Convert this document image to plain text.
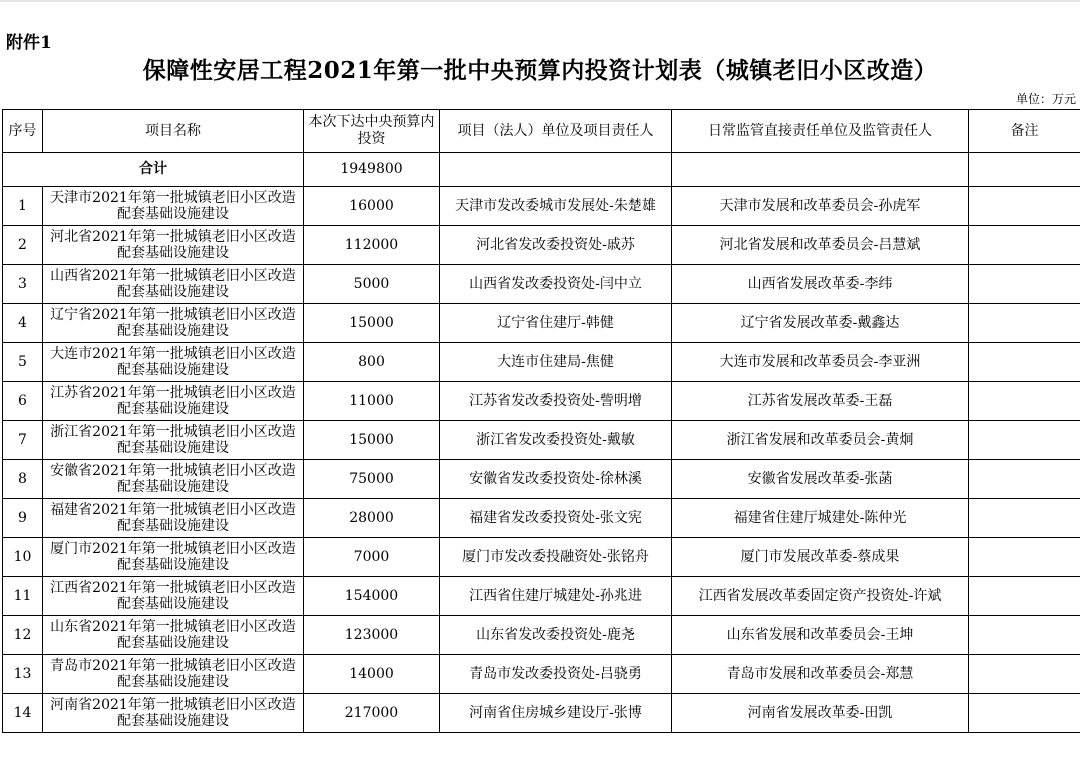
附件1
保障性安居工程2021年第一批中央预算内投资计划表（城镇老旧小区改造）
单位：万元
序号	项目名称	本次下达中央预算内投资	项目（法人）单位及项目责任人	日常监管直接责任单位及监管责任人	备注
合计		1949800			
1	天津市2021年第一批城镇老旧小区改造配套基础设施建设	16000	天津市发改委城市发展处-朱楚雄	天津市发展和改革委员会-孙虎军	
2	河北省2021年第一批城镇老旧小区改造配套基础设施建设	112000	河北省发改委投资处-戚苏	河北省发展和改革委员会-吕慧斌	
3	山西省2021年第一批城镇老旧小区改造配套基础设施建设	5000	山西省发改委投资处-闫中立	山西省发展改革委-李纬	
4	辽宁省2021年第一批城镇老旧小区改造配套基础设施建设	15000	辽宁省住建厅-韩健	辽宁省发展改革委-戴鑫达	
5	大连市2021年第一批城镇老旧小区改造配套基础设施建设	800	大连市住建局-焦健	大连市发展和改革委员会-李亚洲	
6	江苏省2021年第一批城镇老旧小区改造配套基础设施建设	11000	江苏省发改委投资处-訾明增	江苏省发展改革委-王磊	
7	浙江省2021年第一批城镇老旧小区改造配套基础设施建设	15000	浙江省发改委投资处-戴敏	浙江省发展和改革委员会-黄炯	
8	安徽省2021年第一批城镇老旧小区改造配套基础设施建设	75000	安徽省发改委投资处-徐林溪	安徽省发展改革委-张菡	
9	福建省2021年第一批城镇老旧小区改造配套基础设施建设	28000	福建省发改委投资处-张文宪	福建省住建厅城建处-陈仲光	
10	厦门市2021年第一批城镇老旧小区改造配套基础设施建设	7000	厦门市发改委投融资处-张铭舟	厦门市发展改革委-蔡成果	
11	江西省2021年第一批城镇老旧小区改造配套基础设施建设	154000	江西省住建厅城建处-孙兆进	江西省发展改革委固定资产投资处-许斌	
12	山东省2021年第一批城镇老旧小区改造配套基础设施建设	123000	山东省发改委投资处-鹿尧	山东省发展和改革委员会-王坤	
13	青岛市2021年第一批城镇老旧小区改造配套基础设施建设	14000	青岛市发改委投资处-吕骁勇	青岛市发展和改革委员会-郑慧	
14	河南省2021年第一批城镇老旧小区改造配套基础设施建设	217000	河南省住房城乡建设厅-张博	河南省发展改革委-田凯	
